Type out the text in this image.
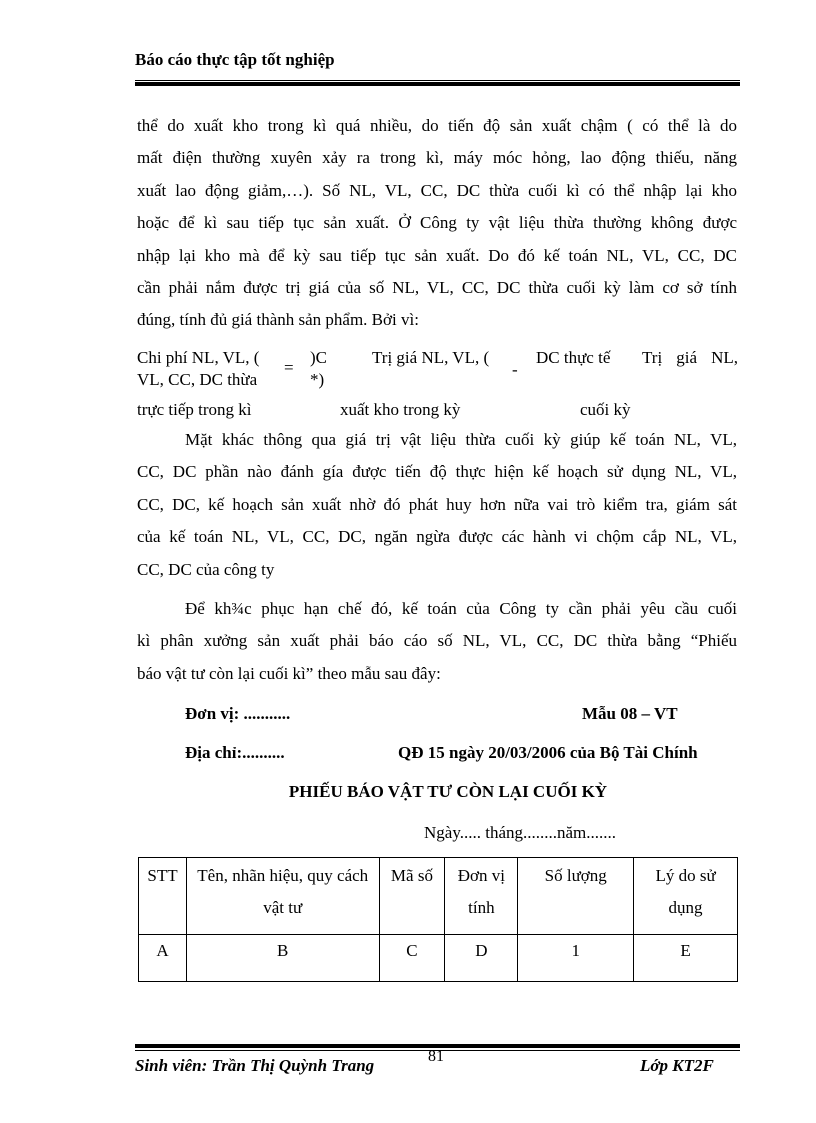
Báo cáo thực tập tốt nghiệp
thể do xuất kho trong kì quá nhiều, do tiến độ sản xuất chậm ( có thể là do
mất điện thường xuyên xảy ra trong kì, máy móc hỏng, lao động thiếu, năng
xuất lao động giảm,…). Số NL, VL, CC, DC thừa cuối kì có thể nhập lại kho
hoặc để kì sau tiếp tục sản xuất. Ở Công ty vật liệu thừa thường không được
nhập lại kho mà để kỳ sau tiếp tục sản xuất. Do đó kế toán NL, VL, CC, DC
cần phải nắm được trị giá của số NL, VL, CC, DC thừa cuối kỳ làm cơ sở tính
đúng, tính đủ giá thành sản phẩm. Bởi vì:
Chi phí NL, VL, (
VL, CC, DC thừa
trực tiếp trong kì
=
)C
*)
Trị giá NL, VL, (
xuất kho trong kỳ
-
DC thực tế
cuối kỳ
Trị giá NL,
Mặt khác thông qua giá trị vật liệu thừa cuối kỳ giúp kế toán NL, VL,
CC, DC phần nào đánh gía được tiến độ thực hiện kế hoạch sử dụng NL, VL,
CC, DC, kế hoạch sản xuất nhờ đó phát huy hơn nữa vai trò kiểm tra, giám sát
của kế toán NL, VL, CC, DC, ngăn ngừa được các hành vi chộm cắp NL, VL,
CC, DC của công ty
Để kh¾c phục hạn chế đó, kế toán của Công ty cần phải yêu cầu cuối
kì phân xưởng sản xuất phải báo cáo số NL, VL, CC, DC thừa bằng “Phiếu
báo vật tư còn lại cuối kì” theo mẫu sau đây:
Đơn vị: ...........	Mẫu 08 – VT
Địa chỉ:..........	QĐ 15 ngày 20/03/2006 của Bộ Tài Chính
PHIẾU BÁO VẬT TƯ CÒN LẠI CUỐI KỲ
Ngày..... tháng........năm.......
STT	Tên, nhãn hiệu, quy cách vật tư	Mã số	Đơn vị tính	Số lượng	Lý do sử dụng
A	B	C	D	1	E
Sinh viên: Trần Thị Quỳnh Trang	81	Lớp KT2F
